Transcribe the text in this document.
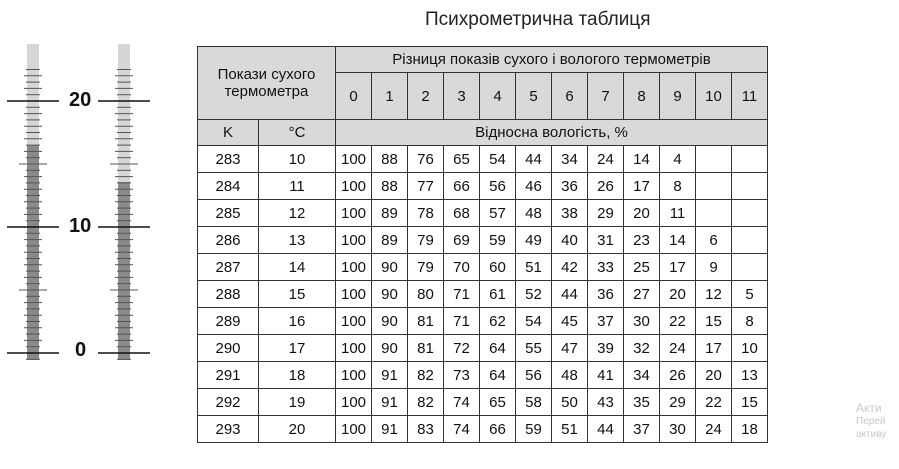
20
10
0
Психрометрична таблиця
Покази сухого термометра		Різниця показів сухого і вологого термометрів											
		0	1	2	3	4	5	6	7	8	9	10	11
K	°C	Відносна вологість, %											
283	10	100	88	76	65	54	44	34	24	14	4		
284	11	100	88	77	66	56	46	36	26	17	8		
285	12	100	89	78	68	57	48	38	29	20	11		
286	13	100	89	79	69	59	49	40	31	23	14	6	
287	14	100	90	79	70	60	51	42	33	25	17	9	
288	15	100	90	80	71	61	52	44	36	27	20	12	5
289	16	100	90	81	71	62	54	45	37	30	22	15	8
290	17	100	90	81	72	64	55	47	39	32	24	17	10
291	18	100	91	82	73	64	56	48	41	34	26	20	13
292	19	100	91	82	74	65	58	50	43	35	29	22	15
293	20	100	91	83	74	66	59	51	44	37	30	24	18
Акти
Перей
активу
